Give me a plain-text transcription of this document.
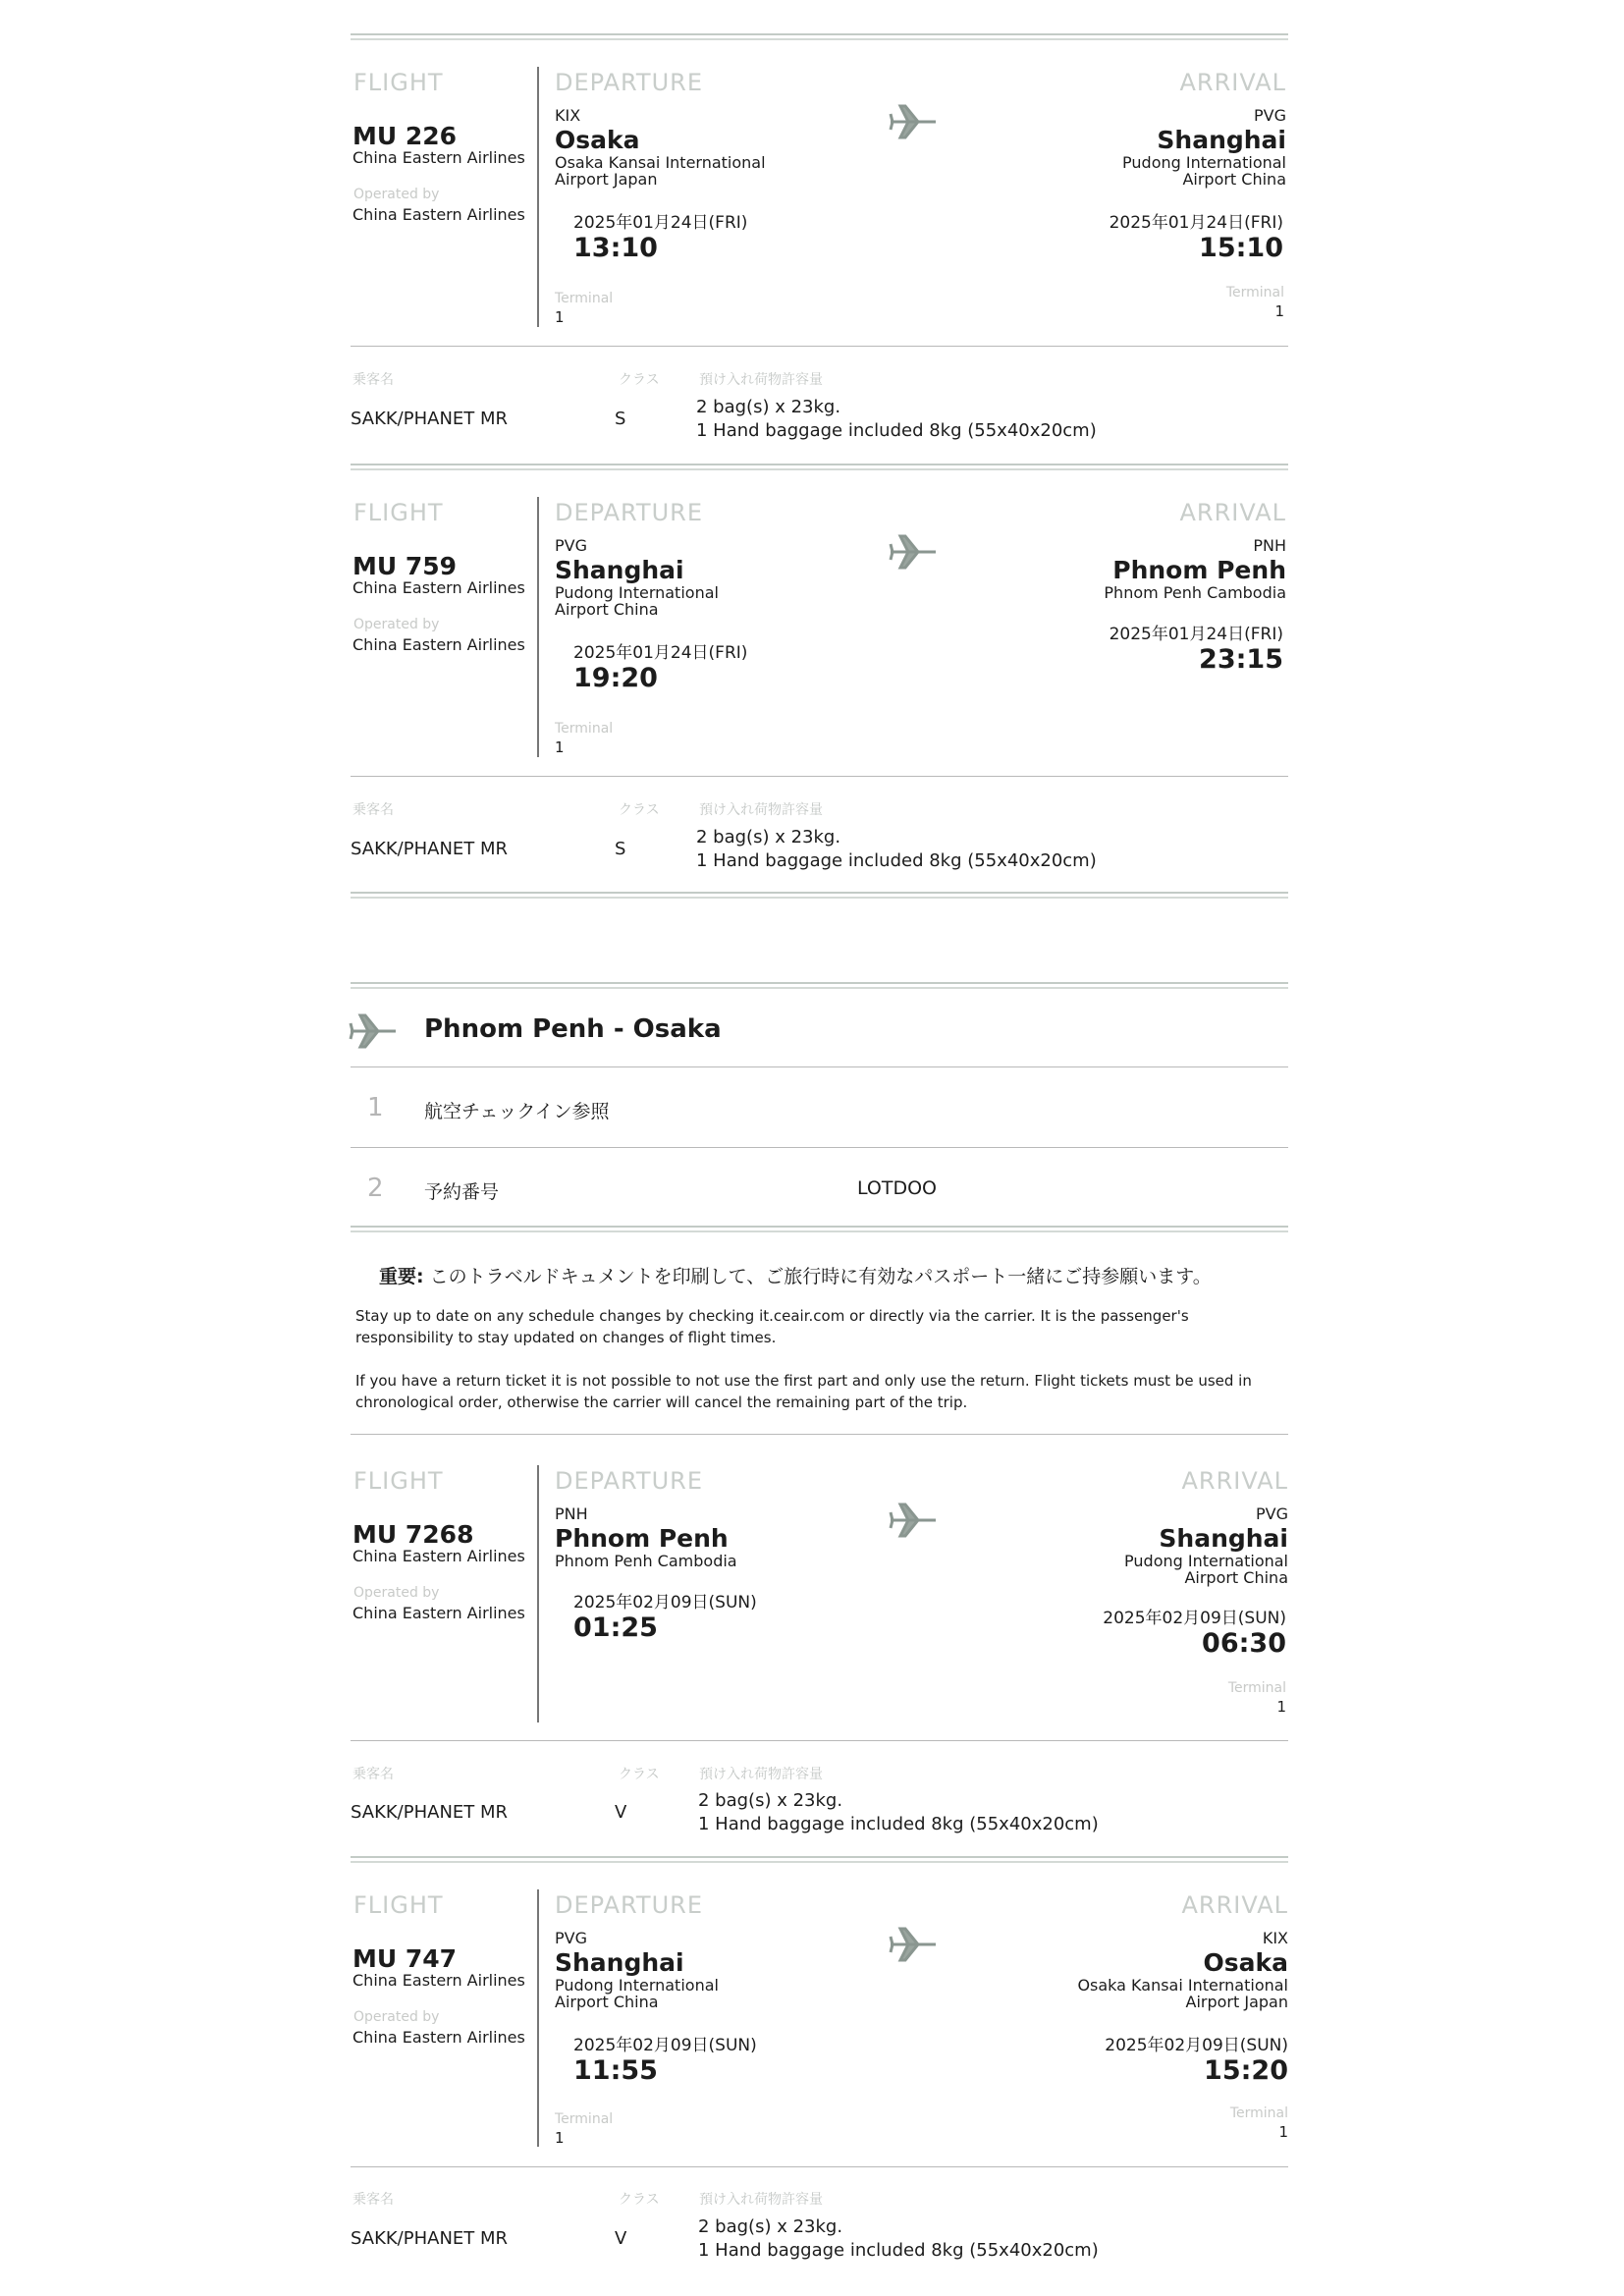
FLIGHT
MU 226
China Eastern Airlines
Operated by
China Eastern Airlines
DEPARTURE
KIX
Osaka
Osaka Kansai International
Airport Japan
2025年01月24日(FRI)
13:10
Terminal
1
ARRIVAL
PVG
Shanghai
Pudong International
Airport China
2025年01月24日(FRI)
15:10
Terminal
1
乗客名	クラス	預け入れ荷物許容量
SAKK/PHANET MR	S
2 bag(s) x 23kg.
1 Hand baggage included 8kg (55x40x20cm)
FLIGHT
MU 759
China Eastern Airlines
Operated by
China Eastern Airlines
DEPARTURE
PVG
Shanghai
Pudong International
Airport China
2025年01月24日(FRI)
19:20
Terminal
1
ARRIVAL
PNH
Phnom Penh
Phnom Penh Cambodia
2025年01月24日(FRI)
23:15
乗客名	クラス	預け入れ荷物許容量
SAKK/PHANET MR	S
2 bag(s) x 23kg.
1 Hand baggage included 8kg (55x40x20cm)
Phnom Penh - Osaka
1 航空チェックイン参照
2 予約番号	LOTDOO
重要: このトラベルドキュメントを印刷して、ご旅行時に有効なパスポート一緒にご持参願います。
Stay up to date on any schedule changes by checking it.ceair.com or directly via the carrier. It is the passenger's
responsibility to stay updated on changes of flight times.
If you have a return ticket it is not possible to not use the first part and only use the return. Flight tickets must be used in
chronological order, otherwise the carrier will cancel the remaining part of the trip.
FLIGHT
MU 7268
China Eastern Airlines
Operated by
China Eastern Airlines
DEPARTURE
PNH
Phnom Penh
Phnom Penh Cambodia
2025年02月09日(SUN)
01:25
ARRIVAL
PVG
Shanghai
Pudong International
Airport China
2025年02月09日(SUN)
06:30
Terminal
1
乗客名	クラス	預け入れ荷物許容量
SAKK/PHANET MR	V
2 bag(s) x 23kg.
1 Hand baggage included 8kg (55x40x20cm)
FLIGHT
MU 747
China Eastern Airlines
Operated by
China Eastern Airlines
DEPARTURE
PVG
Shanghai
Pudong International
Airport China
2025年02月09日(SUN)
11:55
Terminal
1
ARRIVAL
KIX
Osaka
Osaka Kansai International
Airport Japan
2025年02月09日(SUN)
15:20
Terminal
1
乗客名	クラス	預け入れ荷物許容量
SAKK/PHANET MR	V
2 bag(s) x 23kg.
1 Hand baggage included 8kg (55x40x20cm)
